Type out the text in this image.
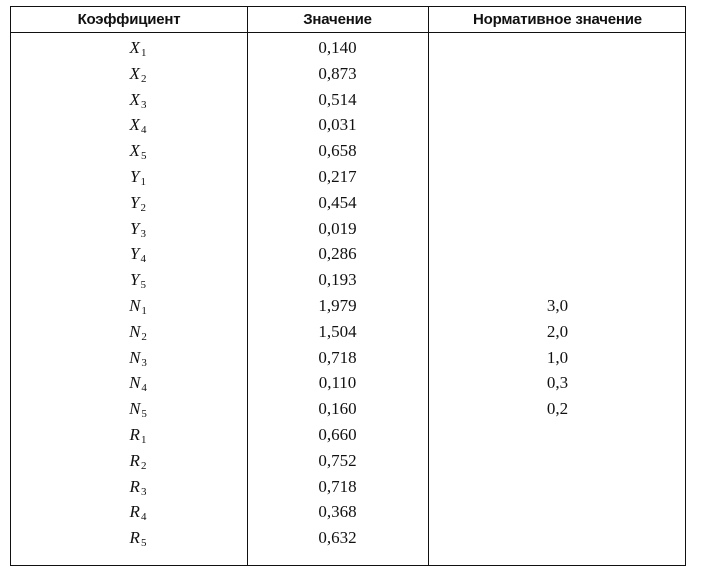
Коэффициент	Значение	Нормативное значение
$X_1$	0,140
$X_2$	0,873
$X_3$	0,514
$X_4$	0,031
$X_5$	0,658
$Y_1$	0,217
$Y_2$	0,454
$Y_3$	0,019
$Y_4$	0,286
$Y_5$	0,193
$N_1$	1,979	3,0
$N_2$	1,504	2,0
$N_3$	0,718	1,0
$N_4$	0,110	0,3
$N_5$	0,160	0,2
$R_1$	0,660
$R_2$	0,752
$R_3$	0,718
$R_4$	0,368
$R_5$	0,632
